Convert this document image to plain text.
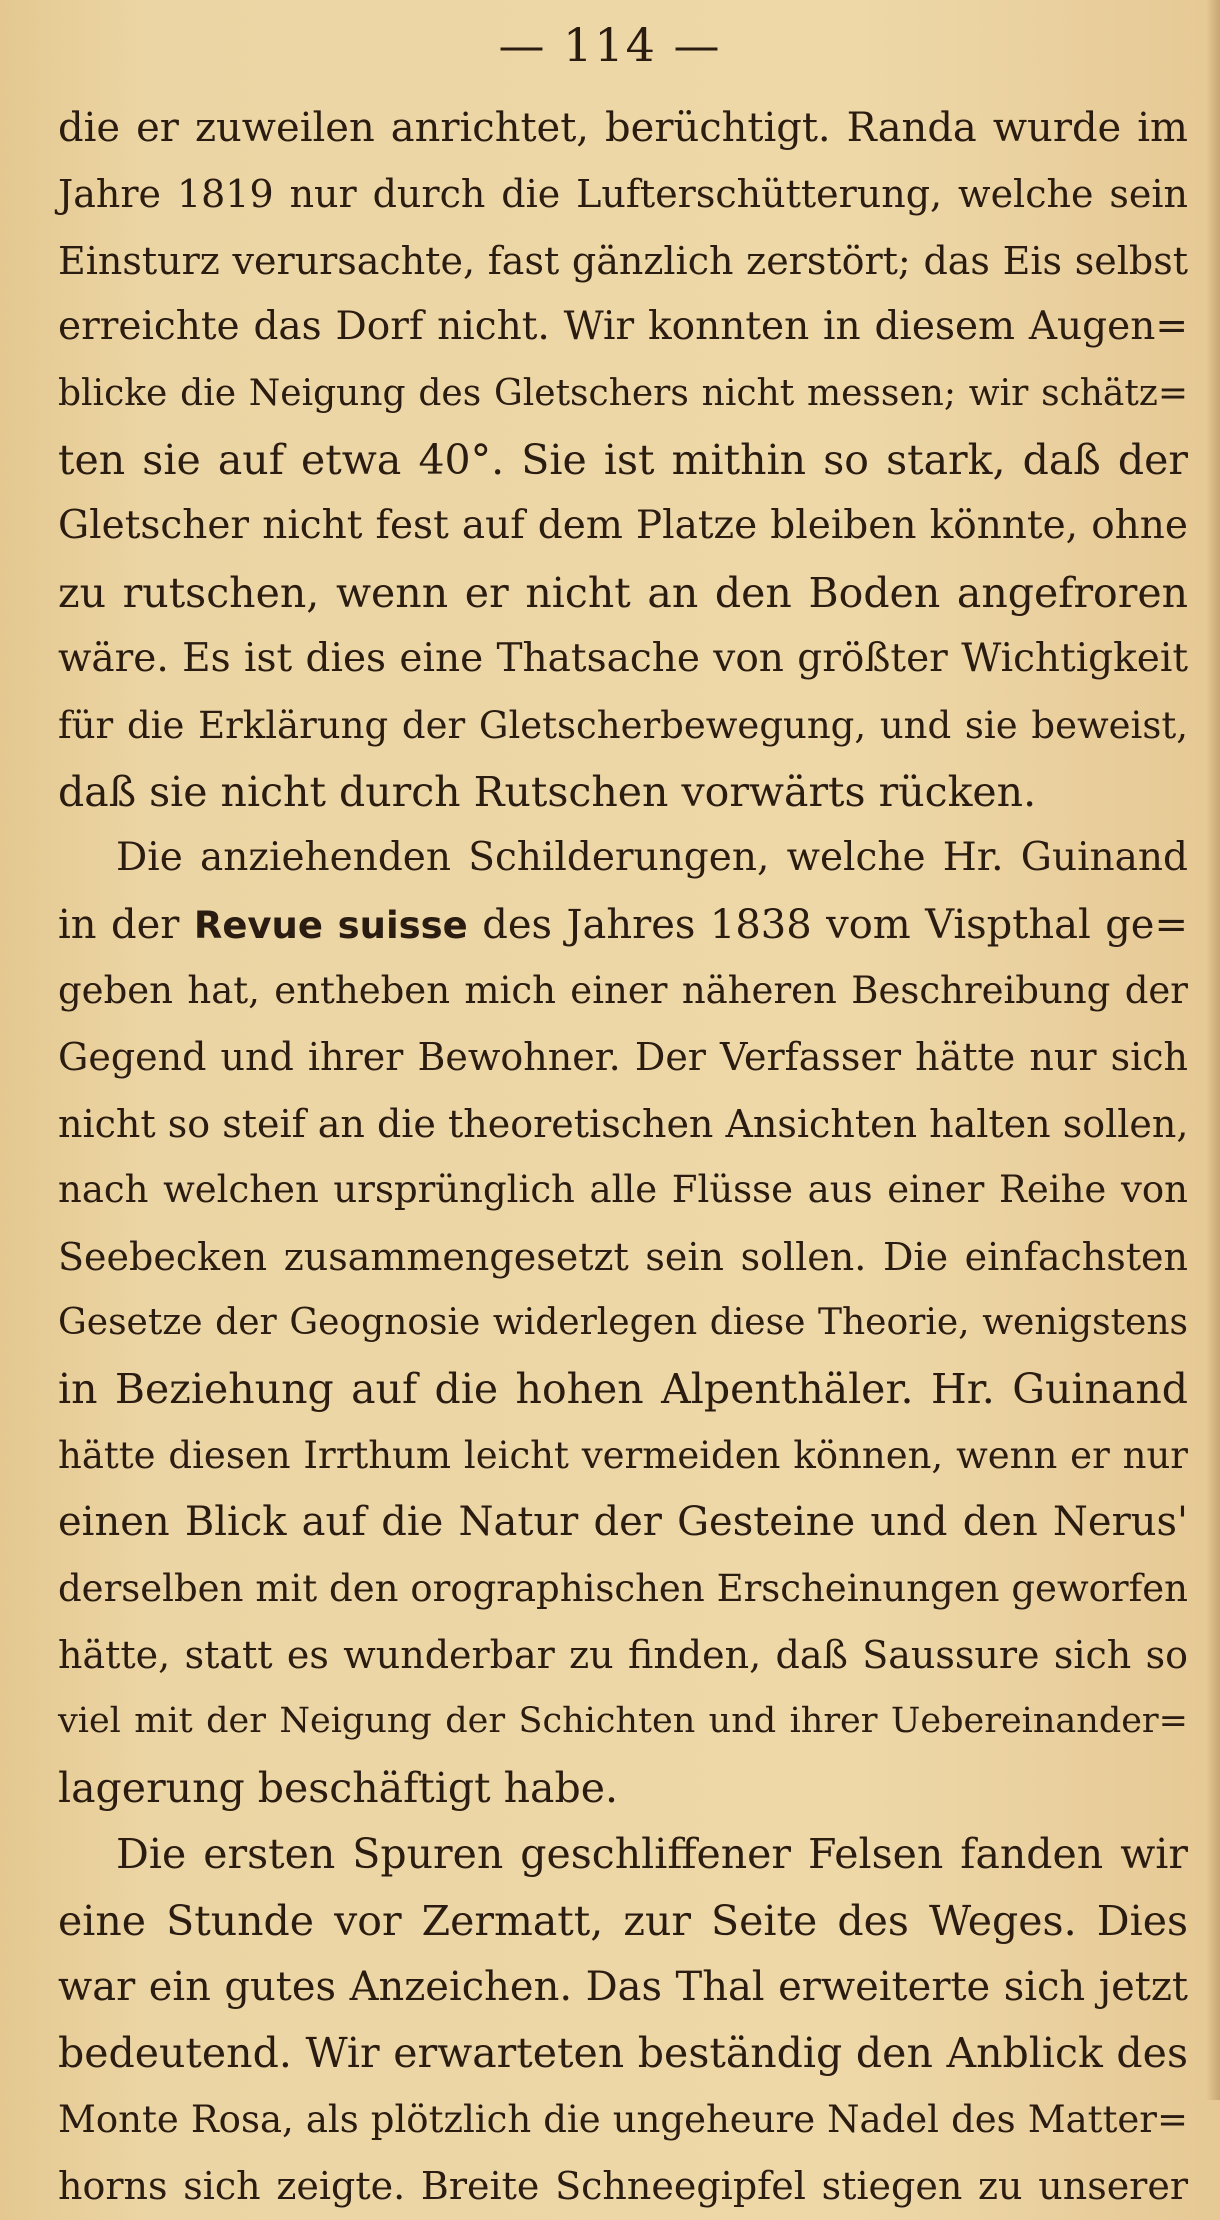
— 114 —
die er zuweilen anrichtet, berüchtigt. Randa wurde im
Jahre 1819 nur durch die Lufterschütterung, welche sein
Einsturz verursachte, fast gänzlich zerstört; das Eis selbst
erreichte das Dorf nicht. Wir konnten in diesem Augen=
blicke die Neigung des Gletschers nicht messen; wir schätz=
ten sie auf etwa 40°. Sie ist mithin so stark, daß der
Gletscher nicht fest auf dem Platze bleiben könnte, ohne
zu rutschen, wenn er nicht an den Boden angefroren
wäre. Es ist dies eine Thatsache von größter Wichtigkeit
für die Erklärung der Gletscherbewegung, und sie beweist,
daß sie nicht durch Rutschen vorwärts rücken.
Die anziehenden Schilderungen, welche Hr. Guinand
in der Revue suisse des Jahres 1838 vom Vispthal ge=
geben hat, entheben mich einer näheren Beschreibung der
Gegend und ihrer Bewohner. Der Verfasser hätte nur sich
nicht so steif an die theoretischen Ansichten halten sollen,
nach welchen ursprünglich alle Flüsse aus einer Reihe von
Seebecken zusammengesetzt sein sollen. Die einfachsten
Gesetze der Geognosie widerlegen diese Theorie, wenigstens
in Beziehung auf die hohen Alpenthäler. Hr. Guinand
hätte diesen Irrthum leicht vermeiden können, wenn er nur
einen Blick auf die Natur der Gesteine und den Nerus'
derselben mit den orographischen Erscheinungen geworfen
hätte, statt es wunderbar zu finden, daß Saussure sich so
viel mit der Neigung der Schichten und ihrer Uebereinander=
lagerung beschäftigt habe.
Die ersten Spuren geschliffener Felsen fanden wir
eine Stunde vor Zermatt, zur Seite des Weges. Dies
war ein gutes Anzeichen. Das Thal erweiterte sich jetzt
bedeutend. Wir erwarteten beständig den Anblick des
Monte Rosa, als plötzlich die ungeheure Nadel des Matter=
horns sich zeigte. Breite Schneegipfel stiegen zu unserer
